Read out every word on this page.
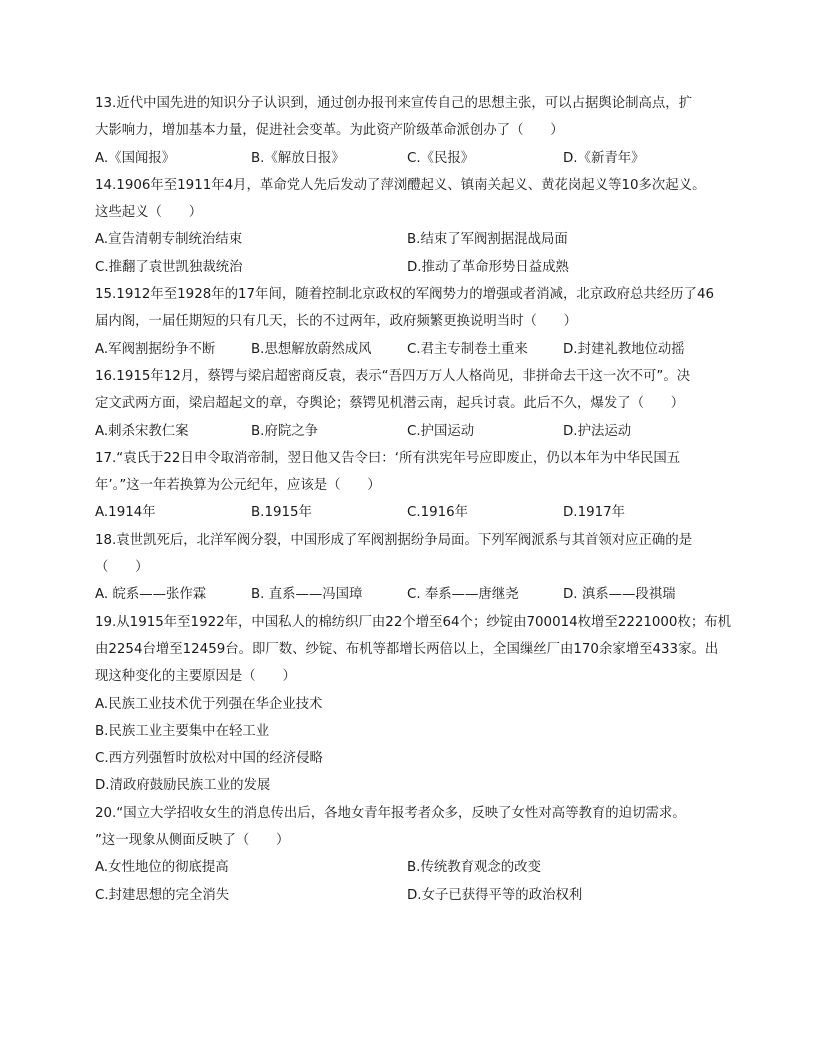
13.近代中国先进的知识分子认识到，通过创办报刊来宣传自己的思想主张，可以占据舆论制高点，扩
大影响力，增加基本力量，促进社会变革。为此资产阶级革命派创办了（　　）
A.《国闻报》	B.《解放日报》	C.《民报》	D.《新青年》
14.1906年至1911年4月，革命党人先后发动了萍浏醴起义、镇南关起义、黄花岗起义等10多次起义。
这些起义（　　）
A.宣告清朝专制统治结束	B.结束了军阀割据混战局面
C.推翻了袁世凯独裁统治	D.推动了革命形势日益成熟
15.1912年至1928年的17年间，随着控制北京政权的军阀势力的增强或者消减，北京政府总共经历了46
届内阁，一届任期短的只有几天，长的不过两年，政府频繁更换说明当时（　　）
A.军阀割据纷争不断	B.思想解放蔚然成风	C.君主专制卷土重来	D.封建礼教地位动摇
16.1915年12月，蔡锷与梁启超密商反袁，表示“吾四万万人人格尚见，非拼命去干这一次不可”。决
定文武两方面，梁启超起文的章，夺舆论；蔡锷见机潜云南，起兵讨袁。此后不久，爆发了（　　）
A.刺杀宋教仁案	B.府院之争	C.护国运动	D.护法运动
17.“袁氏于22日申令取消帝制，翌日他又告令曰：‘所有洪宪年号应即废止，仍以本年为中华民国五
年’。”这一年若换算为公元纪年，应该是（　　）
A.1914年	B.1915年	C.1916年	D.1917年
18.袁世凯死后，北洋军阀分裂，中国形成了军阀割据纷争局面。下列军阀派系与其首领对应正确的是
（　　）
A. 皖系——张作霖	B. 直系——冯国璋	C. 奉系——唐继尧	D. 滇系——段祺瑞
19.从1915年至1922年，中国私人的棉纺织厂由22个增至64个；纱锭由700014枚增至2221000枚；布机
由2254台增至12459台。即厂数、纱锭、布机等都增长两倍以上，全国缫丝厂由170余家增至433家。出
现这种变化的主要原因是（　　）
A.民族工业技术优于列强在华企业技术
B.民族工业主要集中在轻工业
C.西方列强暂时放松对中国的经济侵略
D.清政府鼓励民族工业的发展
20.“国立大学招收女生的消息传出后，各地女青年报考者众多，反映了女性对高等教育的迫切需求。
”这一现象从侧面反映了（　　）
A.女性地位的彻底提高	B.传统教育观念的改变
C.封建思想的完全消失	D.女子已获得平等的政治权利
